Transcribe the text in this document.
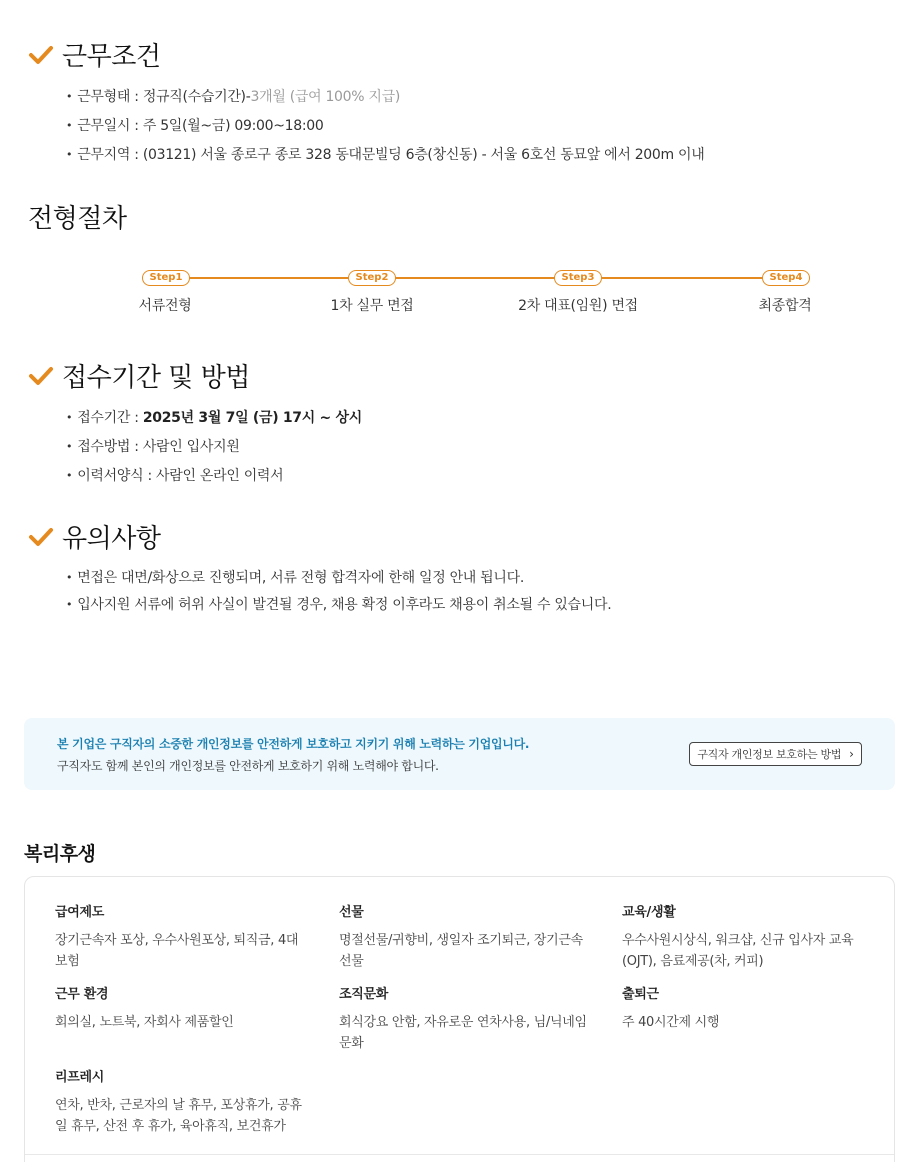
근무조건
• 근무형태 : 정규직(수습기간)-3개월 (급여 100% 지급)
• 근무일시 : 주 5일(월~금) 09:00~18:00
• 근무지역 : (03121) 서울 종로구 종로 328 동대문빌딩 6층(창신동) - 서울 6호선 동묘앞 에서 200m 이내
전형절차
Step1	Step2	Step3	Step4
서류전형	1차 실무 면접	2차 대표(임원) 면접	최종합격
접수기간 및 방법
• 접수기간 : 2025년 3월 7일 (금) 17시 ~ 상시
• 접수방법 : 사람인 입사지원
• 이력서양식 : 사람인 온라인 이력서
유의사항
• 면접은 대면/화상으로 진행되며, 서류 전형 합격자에 한해 일정 안내 됩니다.
• 입사지원 서류에 허위 사실이 발견될 경우, 채용 확정 이후라도 채용이 취소될 수 있습니다.
본 기업은 구직자의 소중한 개인정보를 안전하게 보호하고 지키기 위해 노력하는 기업입니다.
구직자도 함께 본인의 개인정보를 안전하게 보호하기 위해 노력해야 합니다.
구직자 개인정보 보호하는 방법 ›
복리후생
급여제도
장기근속자 포상, 우수사원포상, 퇴직금, 4대 보험
선물
명절선물/귀향비, 생일자 조기퇴근, 장기근속 선물
교육/생활
우수사원시상식, 워크샵, 신규 입사자 교육 (OJT), 음료제공(차, 커피)
근무 환경
회의실, 노트북, 자회사 제품할인
조직문화
회식강요 안함, 자유로운 연차사용, 님/닉네임 문화
출퇴근
주 40시간제 시행
리프레시
연차, 반차, 근로자의 날 휴무, 포상휴가, 공휴일 휴무, 산전 후 휴가, 육아휴직, 보건휴가
